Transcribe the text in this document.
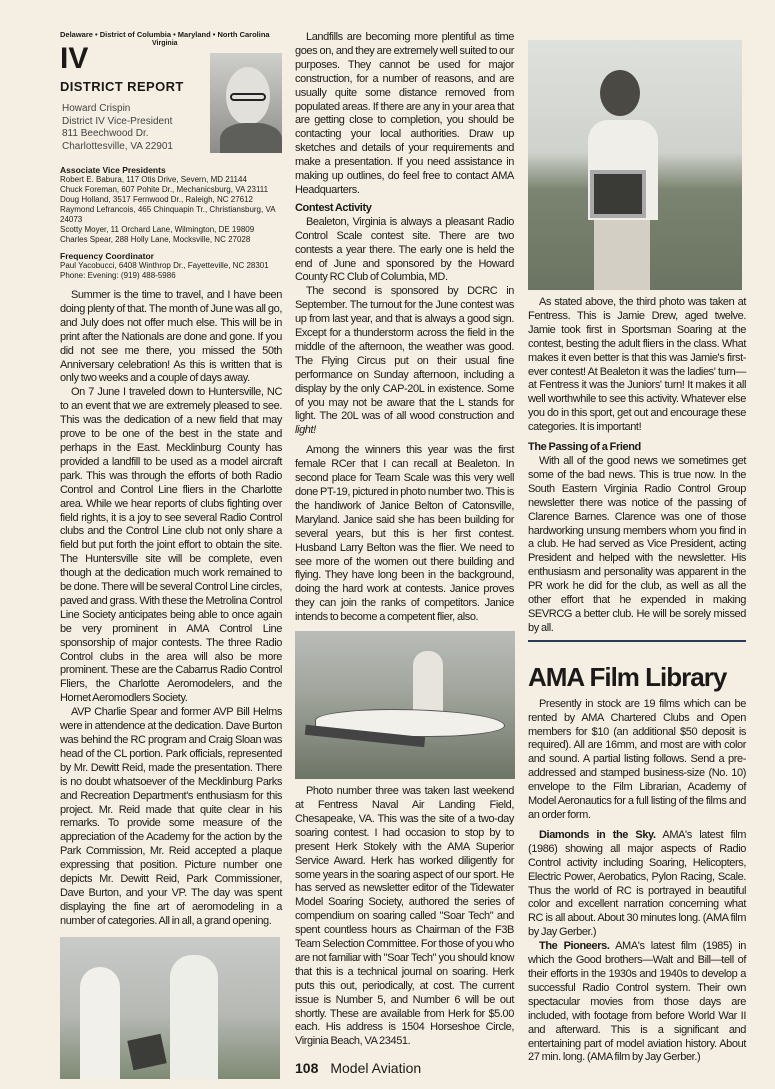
Delaware • District of Columbia • Maryland • North Carolina
Virginia
IV
DISTRICT REPORT
Howard Crispin
District IV Vice-President
811 Beechwood Dr.
Charlottesville, VA 22901
Associate Vice Presidents
Robert E. Babura, 117 Otis Drive, Severn, MD 21144
Chuck Foreman, 607 Pohite Dr., Mechanicsburg, VA 23111
Doug Holland, 3517 Fernwood Dr., Raleigh, NC 27612
Raymond Lefrancois, 465 Chinquapin Tr., Christiansburg, VA 24073
Scotty Moyer, 11 Orchard Lane, Wilmington, DE 19809
Charles Spear, 288 Holly Lane, Mocksville, NC 27028
Frequency Coordinator
Paul Yacobucci, 6408 Winthrop Dr., Fayetteville, NC 28301
Phone: Evening: (919) 488-5986

Summer is the time to travel, and I have been doing plenty of that. The month of June was all go, and July does not offer much else. This will be in print after the Nationals are done and gone. If you did not see me there, you missed the 50th Anniversary celebration! As this is written that is only two weeks and a couple of days away.

On 7 June I traveled down to Huntersville, NC to an event that we are extremely pleased to see. This was the dedication of a new field that may prove to be one of the best in the state and perhaps in the East. Mecklinburg County has provided a landfill to be used as a model aircraft park. This was through the efforts of both Radio Control and Control Line fliers in the Charlotte area. While we hear reports of clubs fighting over field rights, it is a joy to see several Radio Control clubs and the Control Line club not only share a field but put forth the joint effort to obtain the site. The Huntersville site will be complete, even though at the dedication much work remained to be done. There will be several Control Line circles, paved and grass. With these the Metrolina Control Line Society anticipates being able to once again be very prominent in AMA Control Line sponsorship of major contests. The three Radio Control clubs in the area will also be more prominent. These are the Cabarrus Radio Control Fliers, the Charlotte Aeromodelers, and the Hornet Aeromodlers Society.

AVP Charlie Spear and former AVP Bill Helms were in attendence at the dedication. Dave Burton was behind the RC program and Craig Sloan was head of the CL portion. Park officials, represented by Mr. Dewitt Reid, made the presentation. There is no doubt whatsoever of the Mecklinburg Parks and Recreation Department's enthusiasm for this project. Mr. Reid made that quite clear in his remarks. To provide some measure of the appreciation of the Academy for the action by the Park Commission, Mr. Reid accepted a plaque expressing that position. Picture number one depicts Mr. Dewitt Reid, Park Commissioner, Dave Burton, and your VP. The day was spent displaying the fine art of aeromodeling in a number of categories. All in all, a grand opening.

Landfills are becoming more plentiful as time goes on, and they are extremely well suited to our purposes. They cannot be used for major construction, for a number of reasons, and are usually quite some distance removed from populated areas. If there are any in your area that are getting close to completion, you should be contacting your local authorities. Draw up sketches and details of your requirements and make a presentation. If you need assistance in making up outlines, do feel free to contact AMA Headquarters.

Contest Activity

Bealeton, Virginia is always a pleasant Radio Control Scale contest site. There are two contests a year there. The early one is held the end of June and sponsored by the Howard County RC Club of Columbia, MD.

The second is sponsored by DCRC in September. The turnout for the June contest was up from last year, and that is always a good sign. Except for a thunderstorm across the field in the middle of the afternoon, the weather was good. The Flying Circus put on their usual fine performance on Sunday afternoon, including a display by the only CAP-20L in existence. Some of you may not be aware that the L stands for light. The 20L was of all wood construction and light!

Among the winners this year was the first female RCer that I can recall at Bealeton. In second place for Team Scale was this very well done PT-19, pictured in photo number two. This is the handiwork of Janice Belton of Catonsville, Maryland. Janice said she has been building for several years, but this is her first contest. Husband Larry Belton was the flier. We need to see more of the women out there building and flying. They have long been in the background, doing the hard work at contests. Janice proves they can join the ranks of competitors. Janice intends to become a competent flier, also.

Photo number three was taken last weekend at Fentress Naval Air Landing Field, Chesapeake, VA. This was the site of a two-day soaring contest. I had occasion to stop by to present Herk Stokely with the AMA Superior Service Award. Herk has worked diligently for some years in the soaring aspect of our sport. He has served as newsletter editor of the Tidewater Model Soaring Society, authored the series of compendium on soaring called "Soar Tech" and spent countless hours as Chairman of the F3B Team Selection Committee. For those of you who are not familiar with "Soar Tech" you should know that this is a technical journal on soaring. Herk puts this out, periodically, at cost. The current issue is Number 5, and Number 6 will be out shortly. These are available from Herk for $5.00 each. His address is 1504 Horseshoe Circle, Virginia Beach, VA 23451.

108 Model Aviation

As stated above, the third photo was taken at Fentress. This is Jamie Drew, aged twelve. Jamie took first in Sportsman Soaring at the contest, besting the adult fliers in the class. What makes it even better is that this was Jamie's first-ever contest! At Bealeton it was the ladies' turn—at Fentress it was the Juniors' turn! It makes it all well worthwhile to see this activity. Whatever else you do in this sport, get out and encourage these categories. It is important!

The Passing of a Friend

With all of the good news we sometimes get some of the bad news. This is true now. In the South Eastern Virginia Radio Control Group newsletter there was notice of the passing of Clarence Barnes. Clarence was one of those hardworking unsung members whom you find in a club. He had served as Vice President, acting President and helped with the newsletter. His enthusiasm and personality was apparent in the PR work he did for the club, as well as all the other effort that he expended in making SEVRCG a better club. He will be sorely missed by all.

AMA Film Library

Presently in stock are 19 films which can be rented by AMA Chartered Clubs and Open members for $10 (an additional $50 deposit is required). All are 16mm, and most are with color and sound. A partial listing follows. Send a pre-addressed and stamped business-size (No. 10) envelope to the Film Librarian, Academy of Model Aeronautics for a full listing of the films and an order form.

Diamonds in the Sky. AMA's latest film (1986) showing all major aspects of Radio Control activity including Soaring, Helicopters, Electric Power, Aerobatics, Pylon Racing, Scale. Thus the world of RC is portrayed in beautiful color and excellent narration concerning what RC is all about. About 30 minutes long. (AMA film by Jay Gerber.)

The Pioneers. AMA's latest film (1985) in which the Good brothers—Walt and Bill—tell of their efforts in the 1930s and 1940s to develop a successful Radio Control system. Their own spectacular movies from those days are included, with footage from before World War II and afterward. This is a significant and entertaining part of model aviation history. About 27 min. long. (AMA film by Jay Gerber.)
